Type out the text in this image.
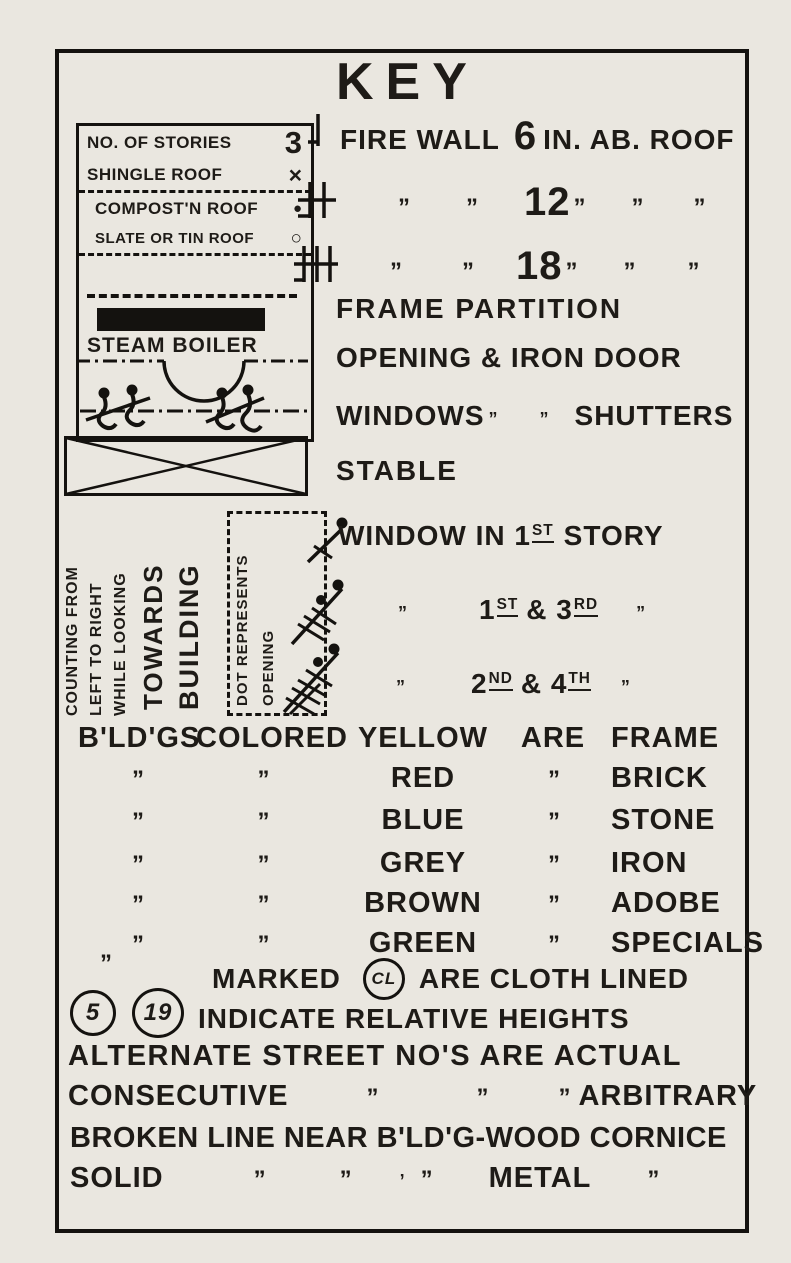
KEY
NO. OF STORIES 3
SHINGLE ROOF	×
COMPOST'N ROOF ●
SLATE OR TIN ROOF ○
STEAM BOILER
COUNTING FROM LEFT TO RIGHT WHILE LOOKING TOWARDS BUILDING DOT REPRESENTS OPENING
FIRE WALL 6 IN. AB. ROOF
” ” 12 ” ” ”
”	” 18 ” ” ”
FRAME PARTITION
OPENING & IRON DOOR
WINDOWS ” ” SHUTTERS
STABLE
WINDOW IN 1 ST STORY
”	1 ST & 3 RD ”
” 2 ND & 4 TH ”
B'LD'GS
COLORED YELLOW	ARE FRAME
”	”	RED	”	BRICK
”	”	BLUE	”	STONE
”	”	GREY	”	IRON
”	”	BROWN	”	ADOBE
”	”	GREEN	”	SPECIALS
”	MARKED	CL ARE CLOTH LINED
5	19 INDICATE RELATIVE HEIGHTS
ALTERNATE STREET NO'S ARE ACTUAL
CONSECUTIVE	”	”	” ARBITRARY
BROKEN LINE NEAR B'LD'G-WOOD CORNICE
SOLID	”	”	’ ” METAL ”
